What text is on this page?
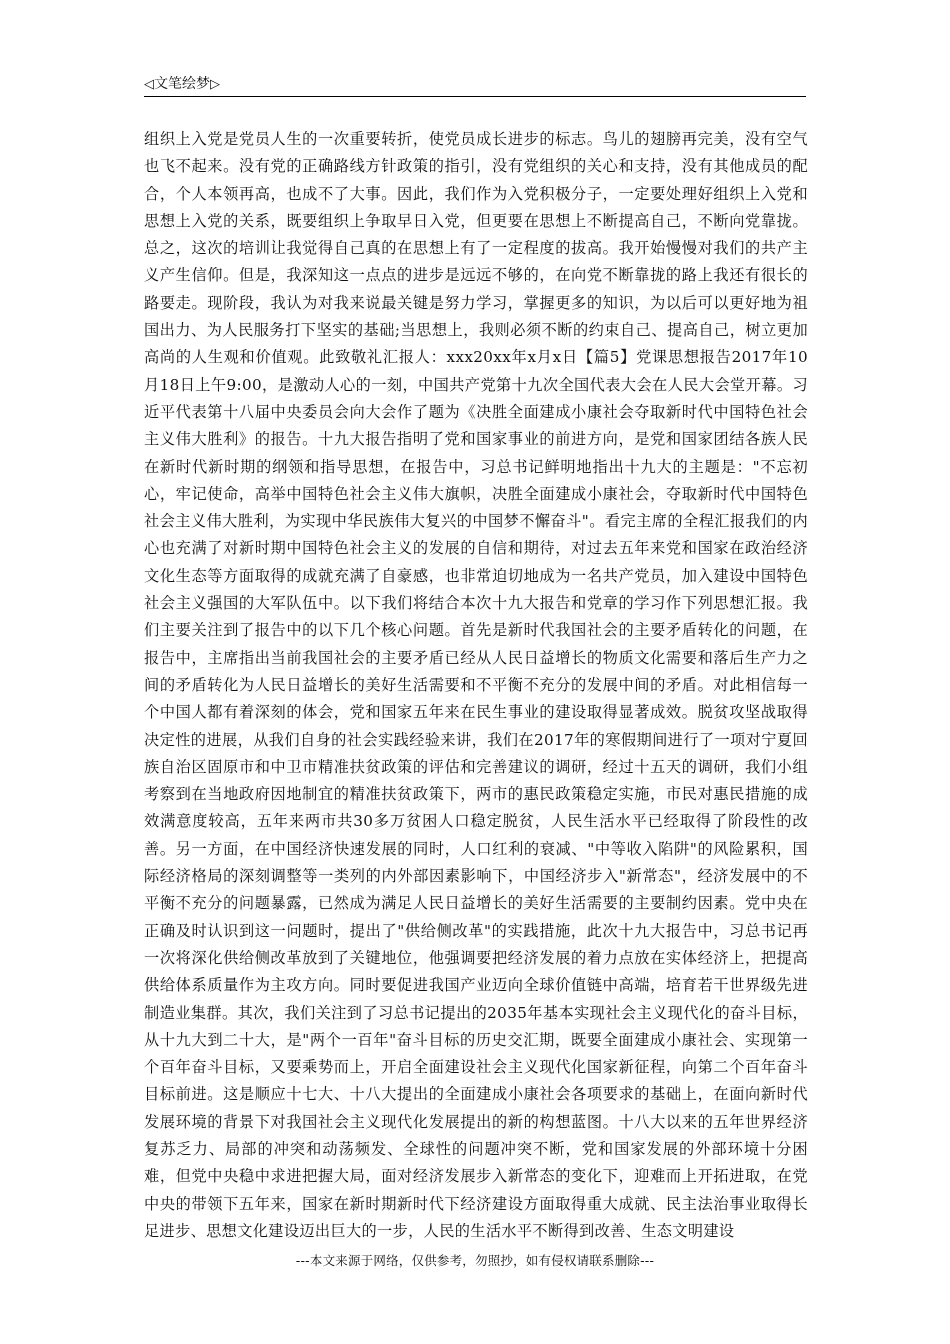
◁文笔绘梦▷

组织上入党是党员人生的一次重要转折，使党员成长进步的标志。鸟儿的翅膀再完美，没有空气也飞不起来。没有党的正确路线方针政策的指引，没有党组织的关心和支持，没有其他成员的配合，个人本领再高，也成不了大事。因此，我们作为入党积极分子，一定要处理好组织上入党和思想上入党的关系，既要组织上争取早日入党，但更要在思想上不断提高自己，不断向党靠拢。总之，这次的培训让我觉得自己真的在思想上有了一定程度的拔高。我开始慢慢对我们的共产主义产生信仰。但是，我深知这一点点的进步是远远不够的，在向党不断靠拢的路上我还有很长的路要走。现阶段，我认为对我来说最关键是努力学习，掌握更多的知识，为以后可以更好地为祖国出力、为人民服务打下坚实的基础;当思想上，我则必须不断的约束自己、提高自己，树立更加高尚的人生观和价值观。此致敬礼汇报人：xxx20xx年x月x日【篇5】党课思想报告2017年10月18日上午9:00，是激动人心的一刻，中国共产党第十九次全国代表大会在人民大会堂开幕。习近平代表第十八届中央委员会向大会作了题为《决胜全面建成小康社会夺取新时代中国特色社会主义伟大胜利》的报告。十九大报告指明了党和国家事业的前进方向，是党和国家团结各族人民在新时代新时期的纲领和指导思想，在报告中，习总书记鲜明地指出十九大的主题是："不忘初心，牢记使命，高举中国特色社会主义伟大旗帜，决胜全面建成小康社会，夺取新时代中国特色社会主义伟大胜利，为实现中华民族伟大复兴的中国梦不懈奋斗"。看完主席的全程汇报我们的内心也充满了对新时期中国特色社会主义的发展的自信和期待，对过去五年来党和国家在政治经济文化生态等方面取得的成就充满了自豪感，也非常迫切地成为一名共产党员，加入建设中国特色社会主义强国的大军队伍中。以下我们将结合本次十九大报告和党章的学习作下列思想汇报。我们主要关注到了报告中的以下几个核心问题。首先是新时代我国社会的主要矛盾转化的问题，在报告中，主席指出当前我国社会的主要矛盾已经从人民日益增长的物质文化需要和落后生产力之间的矛盾转化为人民日益增长的美好生活需要和不平衡不充分的发展中间的矛盾。对此相信每一个中国人都有着深刻的体会，党和国家五年来在民生事业的建设取得显著成效。脱贫攻坚战取得决定性的进展，从我们自身的社会实践经验来讲，我们在2017年的寒假期间进行了一项对宁夏回族自治区固原市和中卫市精准扶贫政策的评估和完善建议的调研，经过十五天的调研，我们小组考察到在当地政府因地制宜的精准扶贫政策下，两市的惠民政策稳定实施，市民对惠民措施的成效满意度较高，五年来两市共30多万贫困人口稳定脱贫，人民生活水平已经取得了阶段性的改善。另一方面，在中国经济快速发展的同时，人口红利的衰减、"中等收入陷阱"的风险累积，国际经济格局的深刻调整等一类列的内外部因素影响下，中国经济步入"新常态"，经济发展中的不平衡不充分的问题暴露，已然成为满足人民日益增长的美好生活需要的主要制约因素。党中央在正确及时认识到这一问题时，提出了"供给侧改革"的实践措施，此次十九大报告中，习总书记再一次将深化供给侧改革放到了关键地位，他强调要把经济发展的着力点放在实体经济上，把提高供给体系质量作为主攻方向。同时要促进我国产业迈向全球价值链中高端，培育若干世界级先进制造业集群。其次，我们关注到了习总书记提出的2035年基本实现社会主义现代化的奋斗目标，从十九大到二十大，是"两个一百年"奋斗目标的历史交汇期，既要全面建成小康社会、实现第一个百年奋斗目标，又要乘势而上，开启全面建设社会主义现代化国家新征程，向第二个百年奋斗目标前进。这是顺应十七大、十八大提出的全面建成小康社会各项要求的基础上，在面向新时代发展环境的背景下对我国社会主义现代化发展提出的新的构想蓝图。十八大以来的五年世界经济复苏乏力、局部的冲突和动荡频发、全球性的问题冲突不断，党和国家发展的外部环境十分困难，但党中央稳中求进把握大局，面对经济发展步入新常态的变化下，迎难而上开拓进取，在党中央的带领下五年来，国家在新时期新时代下经济建设方面取得重大成就、民主法治事业取得长足进步、思想文化建设迈出巨大的一步，人民的生活水平不断得到改善、生态文明建设

---本文来源于网络，仅供参考，勿照抄，如有侵权请联系删除---
